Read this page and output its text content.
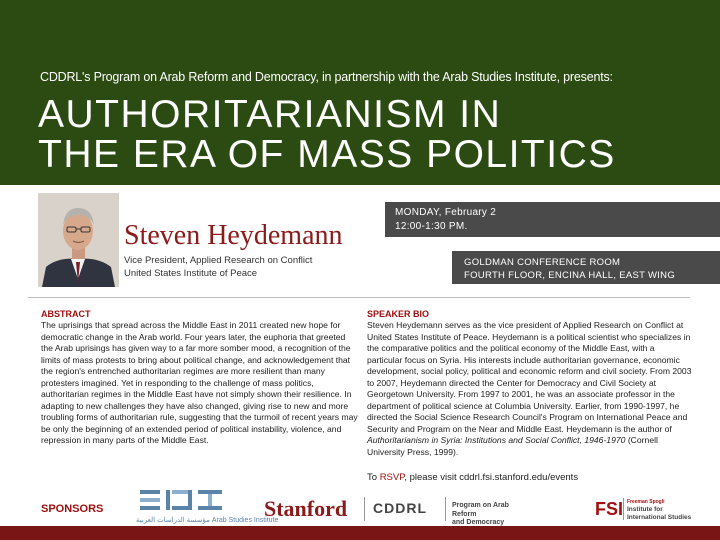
CDDRL's Program on Arab Reform and Democracy, in partnership with the Arab Studies Institute, presents:
AUTHORITARIANISM IN
THE ERA OF MASS POLITICS
Steven Heydemann
Vice President, Applied Research on Conflict
United States Institute of Peace
MONDAY, February 2
12:00-1:30 PM.
GOLDMAN CONFERENCE ROOM
FOURTH FLOOR, ENCINA HALL, EAST WING
ABSTRACT
The uprisings that spread across the Middle East in 2011 created new hope for democratic change in the Arab world. Four years later, the euphoria that greeted the Arab uprisings has given way to a far more somber mood, a recognition of the limits of mass protests to bring about political change, and acknowledgement that the region's entrenched authoritarian regimes are more resilient than many protesters imagined. Yet in responding to the challenge of mass politics, authoritarian regimes in the Middle East have not simply shown their resilience. In adapting to new challenges they have also changed, giving rise to new and more troubling forms of authoritarian rule, suggesting that the turmoil of recent years may be only the beginning of an extended period of political instability, violence, and repression in many parts of the Middle East.
SPEAKER BIO
Steven Heydemann serves as the vice president of Applied Research on Conflict at United States Institute of Peace. Heydemann is a political scientist who specializes in the comparative politics and the political economy of the Middle East, with a particular focus on Syria. His interests include authoritarian governance, economic development, social policy, political and economic reform and civil society. From 2003 to 2007, Heydemann directed the Center for Democracy and Civil Society at Georgetown University. From 1997 to 2001, he was an associate professor in the department of political science at Columbia University. Earlier, from 1990-1997, he directed the Social Science Research Council's Program on International Peace and Security and Program on the Near and Middle East. Heydemann is the author of Authoritarianism in Syria: Institutions and Social Conflict, 1946-1970 (Cornell University Press, 1999).
To RSVP, please visit cddrl.fsi.stanford.edu/events
SPONSORS
مؤسسة الدراسات العربية Arab Studies Institute
Stanford CDDRL	Program on Arab Reform
and Democracy
FSI Freeman Spogli
Institute for
International Studies
